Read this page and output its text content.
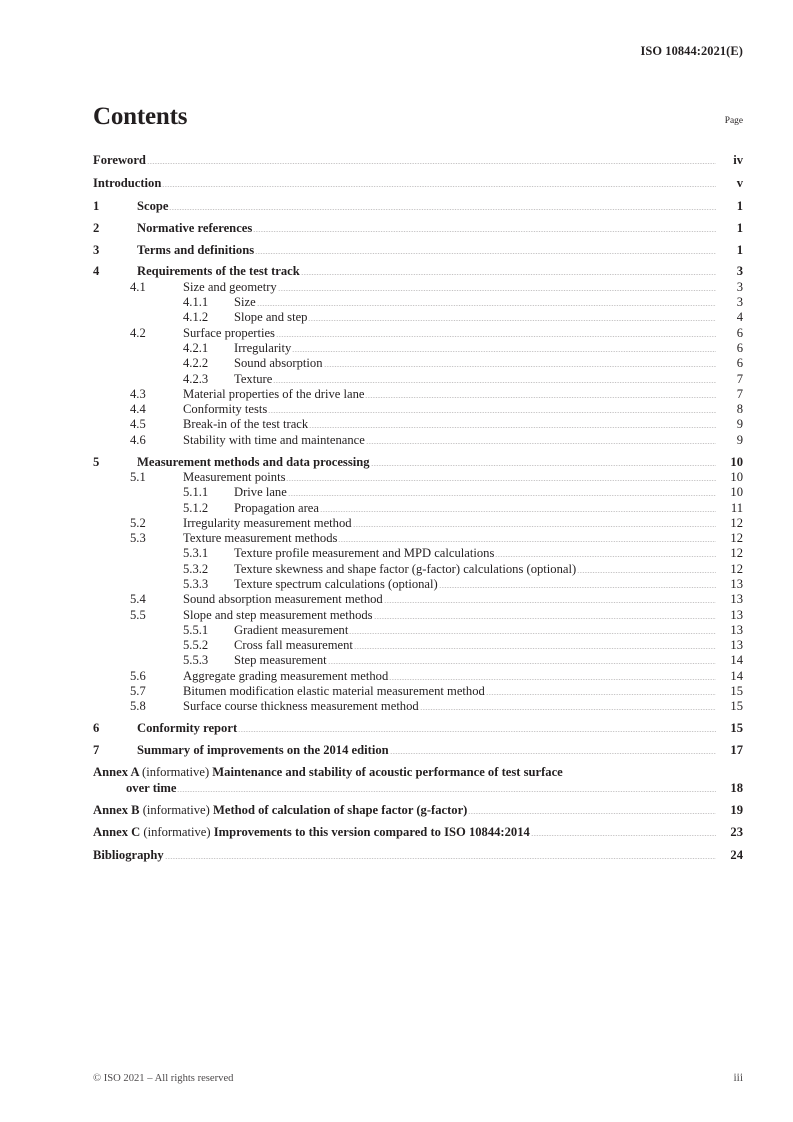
ISO 10844:2021(E)
Contents	Page
Foreword	iv
Introduction	v
1	Scope	1
2	Normative references	1
3	Terms and definitions	1
4	Requirements of the test track	3
4.1	Size and geometry	3
4.1.1	Size	3
4.1.2	Slope and step	4
4.2	Surface properties	6
4.2.1	Irregularity	6
4.2.2	Sound absorption	6
4.2.3	Texture	7
4.3	Material properties of the drive lane	7
4.4	Conformity tests	8
4.5	Break-in of the test track	9
4.6	Stability with time and maintenance	9
5	Measurement methods and data processing	10
5.1	Measurement points	10
5.1.1	Drive lane	10
5.1.2	Propagation area	11
5.2	Irregularity measurement method	12
5.3	Texture measurement methods	12
5.3.1	Texture profile measurement and MPD calculations	12
5.3.2	Texture skewness and shape factor (g-factor) calculations (optional)	12
5.3.3	Texture spectrum calculations (optional)	13
5.4	Sound absorption measurement method	13
5.5	Slope and step measurement methods	13
5.5.1	Gradient measurement	13
5.5.2	Cross fall measurement	13
5.5.3	Step measurement	14
5.6	Aggregate grading measurement method	14
5.7	Bitumen modification elastic material measurement method	15
5.8	Surface course thickness measurement method	15
6	Conformity report	15
7	Summary of improvements on the 2014 edition	17
Annex A (informative) Maintenance and stability of acoustic performance of test surface
over time	18
Annex B (informative) Method of calculation of shape factor (g-factor)	19
Annex C (informative) Improvements to this version compared to ISO 10844:2014	23
Bibliography	24
© ISO 2021 – All rights reserved	iii
